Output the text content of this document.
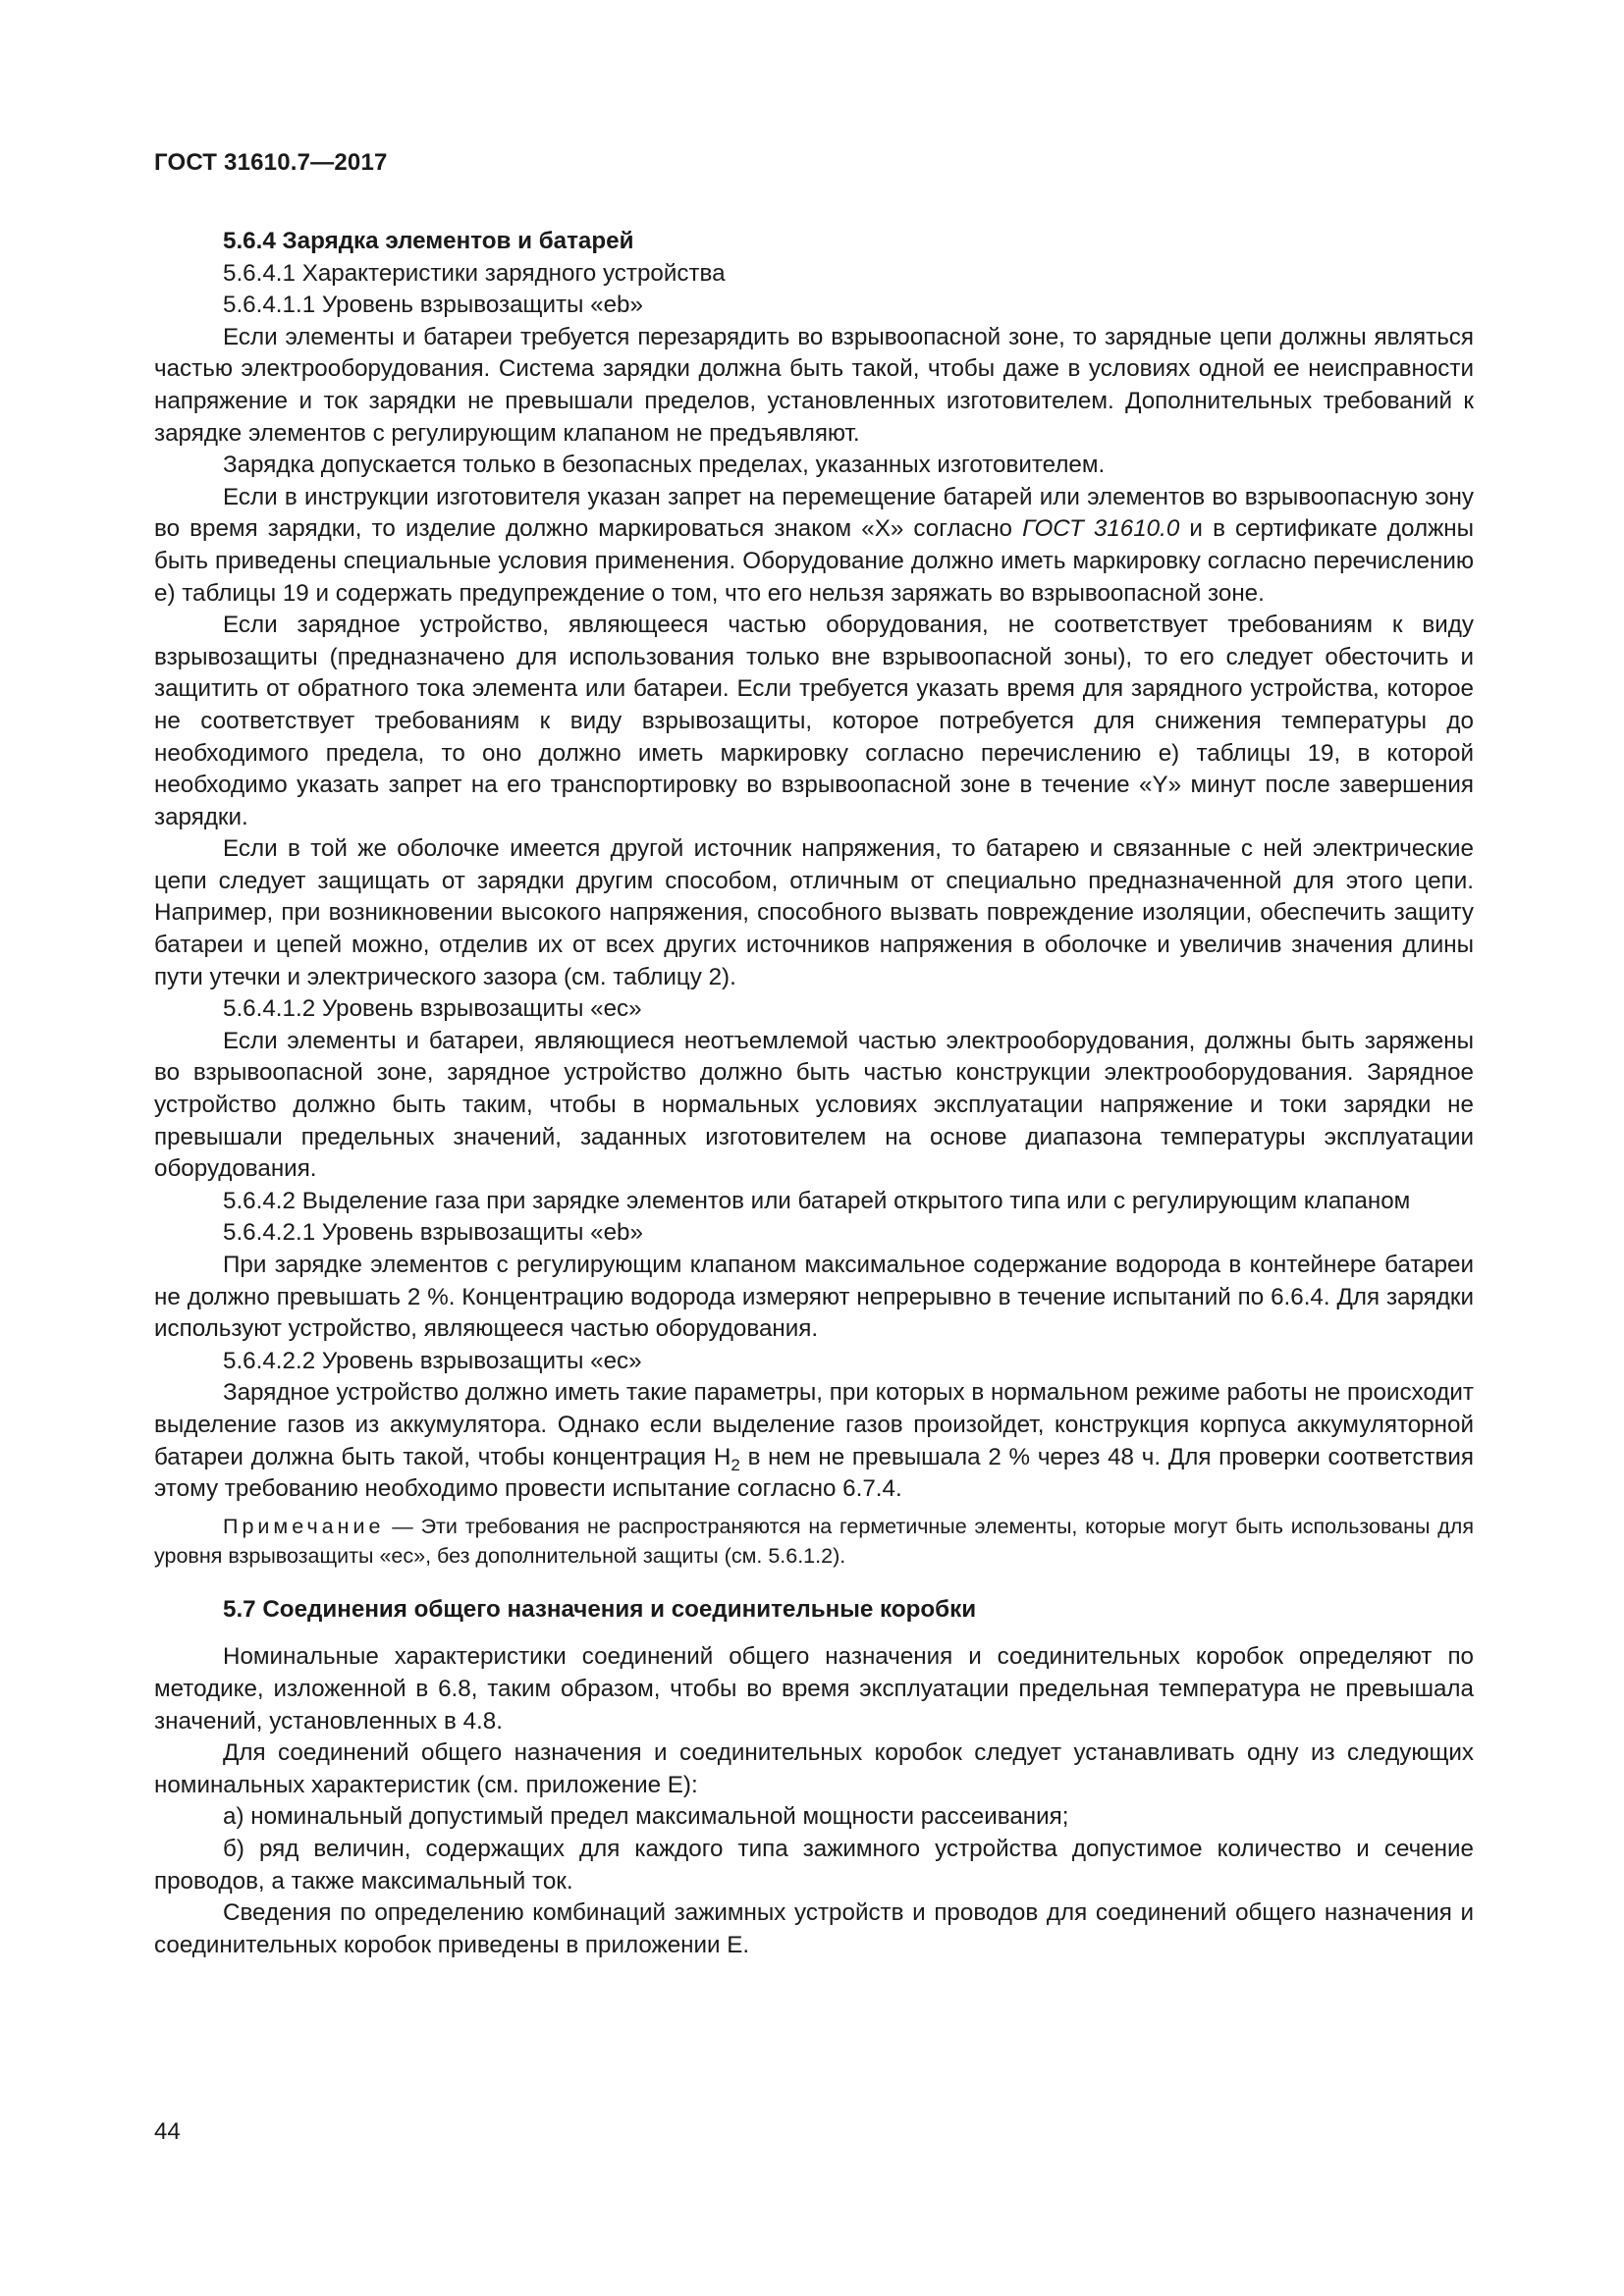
ГОСТ 31610.7—2017

5.6.4 Зарядка элементов и батарей

5.6.4.1 Характеристики зарядного устройства

5.6.4.1.1 Уровень взрывозащиты «eb»

Если элементы и батареи требуется перезарядить во взрывоопасной зоне, то зарядные цепи должны являться частью электрооборудования. Система зарядки должна быть такой, чтобы даже в условиях одной ее неисправности напряжение и ток зарядки не превышали пределов, установленных изготовителем. Дополнительных требований к зарядке элементов с регулирующим клапаном не предъявляют.

Зарядка допускается только в безопасных пределах, указанных изготовителем.

Если в инструкции изготовителя указан запрет на перемещение батарей или элементов во взрывоопасную зону во время зарядки, то изделие должно маркироваться знаком «Х» согласно ГОСТ 31610.0 и в сертификате должны быть приведены специальные условия применения. Оборудование должно иметь маркировку согласно перечислению е) таблицы 19 и содержать предупреждение о том, что его нельзя заряжать во взрывоопасной зоне.

Если зарядное устройство, являющееся частью оборудования, не соответствует требованиям к виду взрывозащиты (предназначено для использования только вне взрывоопасной зоны), то его следует обесточить и защитить от обратного тока элемента или батареи. Если требуется указать время для зарядного устройства, которое не соответствует требованиям к виду взрывозащиты, которое потребуется для снижения температуры до необходимого предела, то оно должно иметь маркировку согласно перечислению е) таблицы 19, в которой необходимо указать запрет на его транспортировку во взрывоопасной зоне в течение «Y» минут после завершения зарядки.

Если в той же оболочке имеется другой источник напряжения, то батарею и связанные с ней электрические цепи следует защищать от зарядки другим способом, отличным от специально предназначенной для этого цепи. Например, при возникновении высокого напряжения, способного вызвать повреждение изоляции, обеспечить защиту батареи и цепей можно, отделив их от всех других источников напряжения в оболочке и увеличив значения длины пути утечки и электрического зазора (см. таблицу 2).

5.6.4.1.2 Уровень взрывозащиты «ес»

Если элементы и батареи, являющиеся неотъемлемой частью электрооборудования, должны быть заряжены во взрывоопасной зоне, зарядное устройство должно быть частью конструкции электрооборудования. Зарядное устройство должно быть таким, чтобы в нормальных условиях эксплуатации напряжение и токи зарядки не превышали предельных значений, заданных изготовителем на основе диапазона температуры эксплуатации оборудования.

5.6.4.2 Выделение газа при зарядке элементов или батарей открытого типа или с регулирующим клапаном

5.6.4.2.1 Уровень взрывозащиты «eb»

При зарядке элементов с регулирующим клапаном максимальное содержание водорода в контейнере батареи не должно превышать 2 %. Концентрацию водорода измеряют непрерывно в течение испытаний по 6.6.4. Для зарядки используют устройство, являющееся частью оборудования.

5.6.4.2.2 Уровень взрывозащиты «ес»

Зарядное устройство должно иметь такие параметры, при которых в нормальном режиме работы не происходит выделение газов из аккумулятора. Однако если выделение газов произойдет, конструкция корпуса аккумуляторной батареи должна быть такой, чтобы концентрация $H_2$ в нем не превышала 2 % через 48 ч. Для проверки соответствия этому требованию необходимо провести испытание согласно 6.7.4.

Примечание — Эти требования не распространяются на герметичные элементы, которые могут быть использованы для уровня взрывозащиты «ес», без дополнительной защиты (см. 5.6.1.2).

5.7 Соединения общего назначения и соединительные коробки

Номинальные характеристики соединений общего назначения и соединительных коробок определяют по методике, изложенной в 6.8, таким образом, чтобы во время эксплуатации предельная температура не превышала значений, установленных в 4.8.

Для соединений общего назначения и соединительных коробок следует устанавливать одну из следующих номинальных характеристик (см. приложение Е):

а) номинальный допустимый предел максимальной мощности рассеивания;

б) ряд величин, содержащих для каждого типа зажимного устройства допустимое количество и сечение проводов, а также максимальный ток.

Сведения по определению комбинаций зажимных устройств и проводов для соединений общего назначения и соединительных коробок приведены в приложении Е.

44
